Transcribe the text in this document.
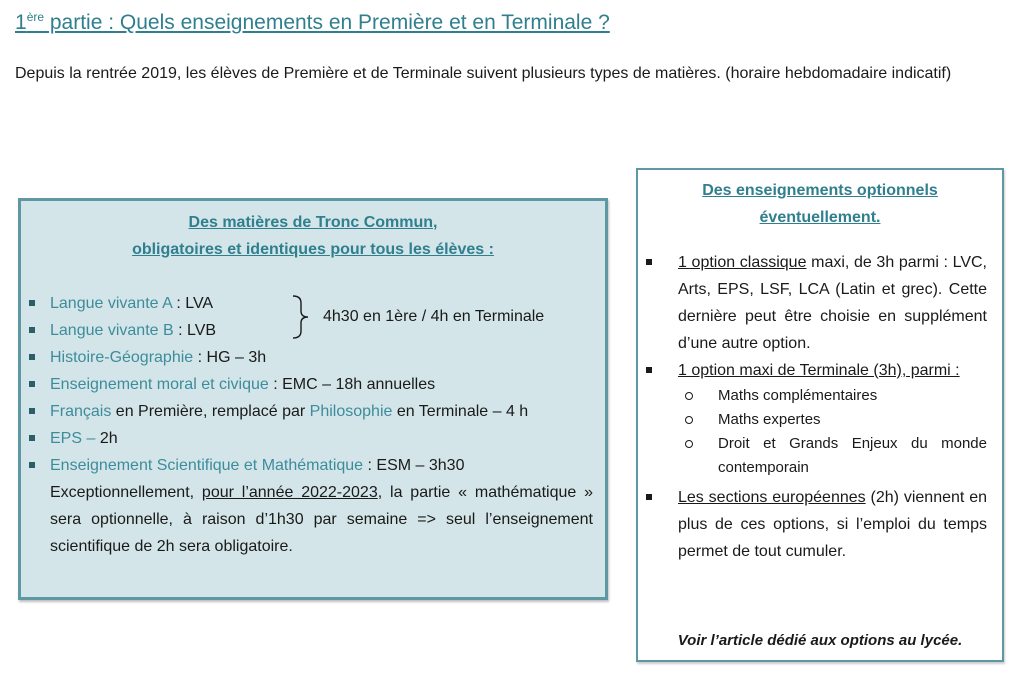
1ère partie : Quels enseignements en Première et en Terminale ?

Depuis la rentrée 2019, les élèves de Première et de Terminale suivent plusieurs types de matières. (horaire hebdomadaire indicatif)

Des matières de Tronc Commun,
obligatoires et identiques pour tous les élèves :

Langue vivante A : LVA
Langue vivante B : LVB
Histoire-Géographie : HG – 3h
Enseignement moral et civique : EMC – 18h annuelles
Français en Première, remplacé par Philosophie en Terminale – 4 h
EPS – 2h
Enseignement Scientifique et Mathématique : ESM – 3h30
4h30 en 1ère / 4h en Terminale

Exceptionnellement, pour l’année 2022-2023, la partie « mathématique » sera optionnelle, à raison d’1h30 par semaine => seul l’enseignement scientifique de 2h sera obligatoire.

Des enseignements optionnels
éventuellement.

1 option classique maxi, de 3h parmi : LVC, Arts, EPS, LSF, LCA (Latin et grec). Cette dernière peut être choisie en supplément d’une autre option.
1 option maxi de Terminale (3h), parmi :
Maths complémentaires
Maths expertes
Droit et Grands Enjeux du monde contemporain
Les sections européennes (2h) viennent en plus de ces options, si l’emploi du temps permet de tout cumuler.

Voir l’article dédié aux options au lycée.
